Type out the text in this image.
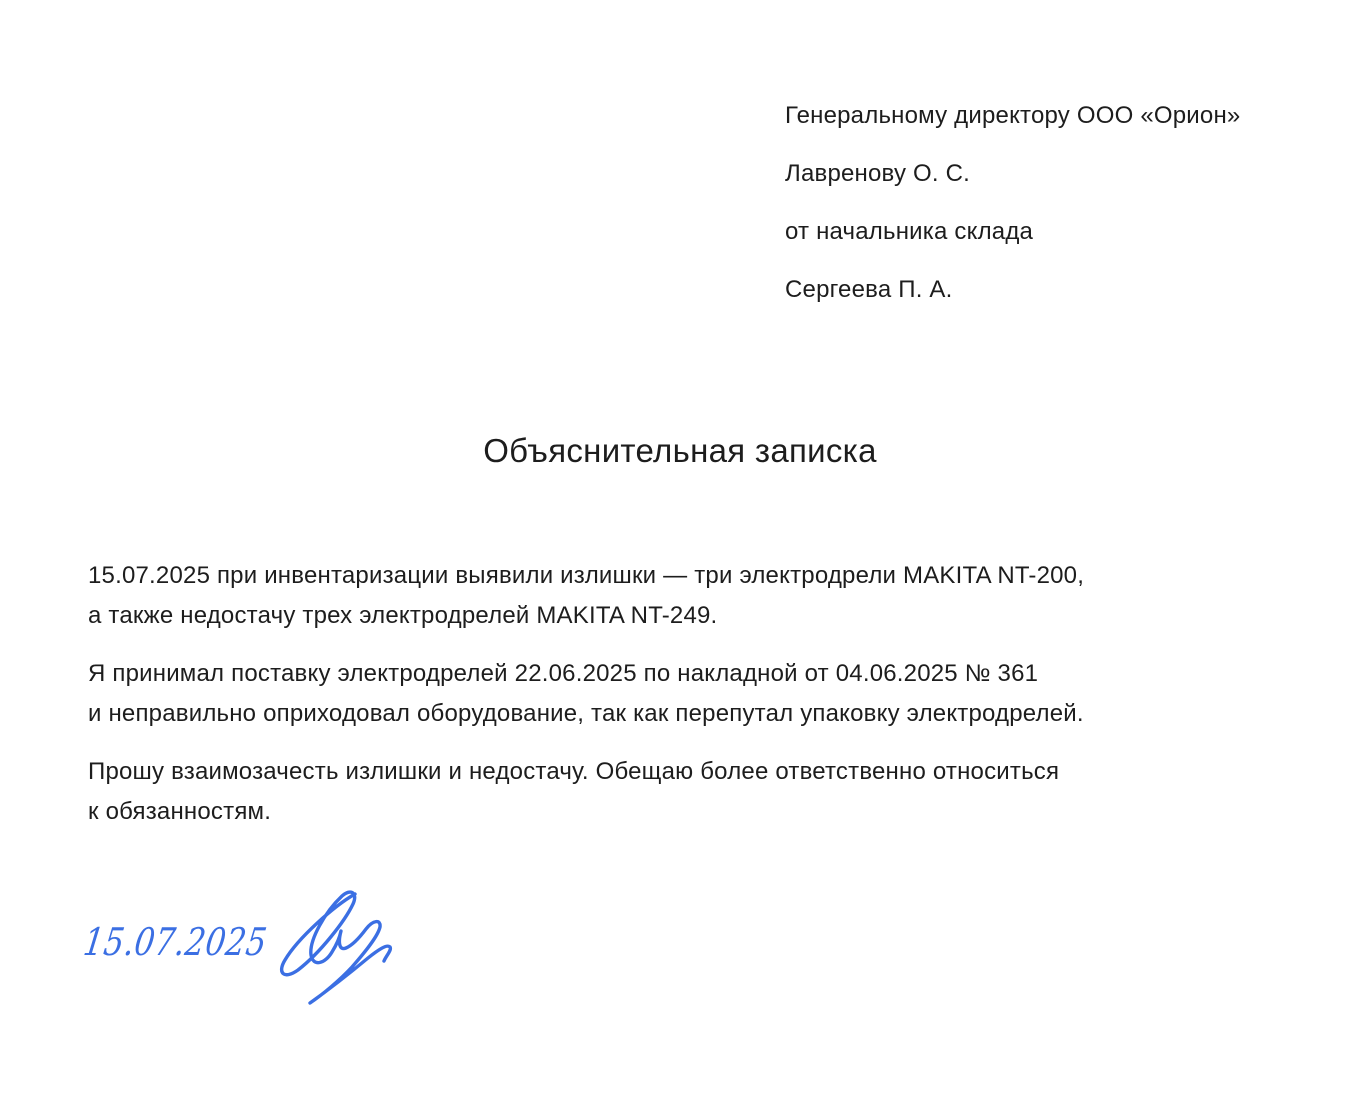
Генеральному директору ООО «Орион»
Лавренову О. С.
от начальника склада
Сергеева П. А.
Объяснительная записка
15.07.2025 при инвентаризации выявили излишки — три электродрели MAKITA NT-200,
а также недостачу трех электродрелей MAKITA NT-249.
Я принимал поставку электродрелей 22.06.2025 по накладной от 04.06.2025 № 361
и неправильно оприходовал оборудование, так как перепутал упаковку электродрелей.
Прошу взаимозачесть излишки и недостачу. Обещаю более ответственно относиться
к обязанностям.
15.07.2025
